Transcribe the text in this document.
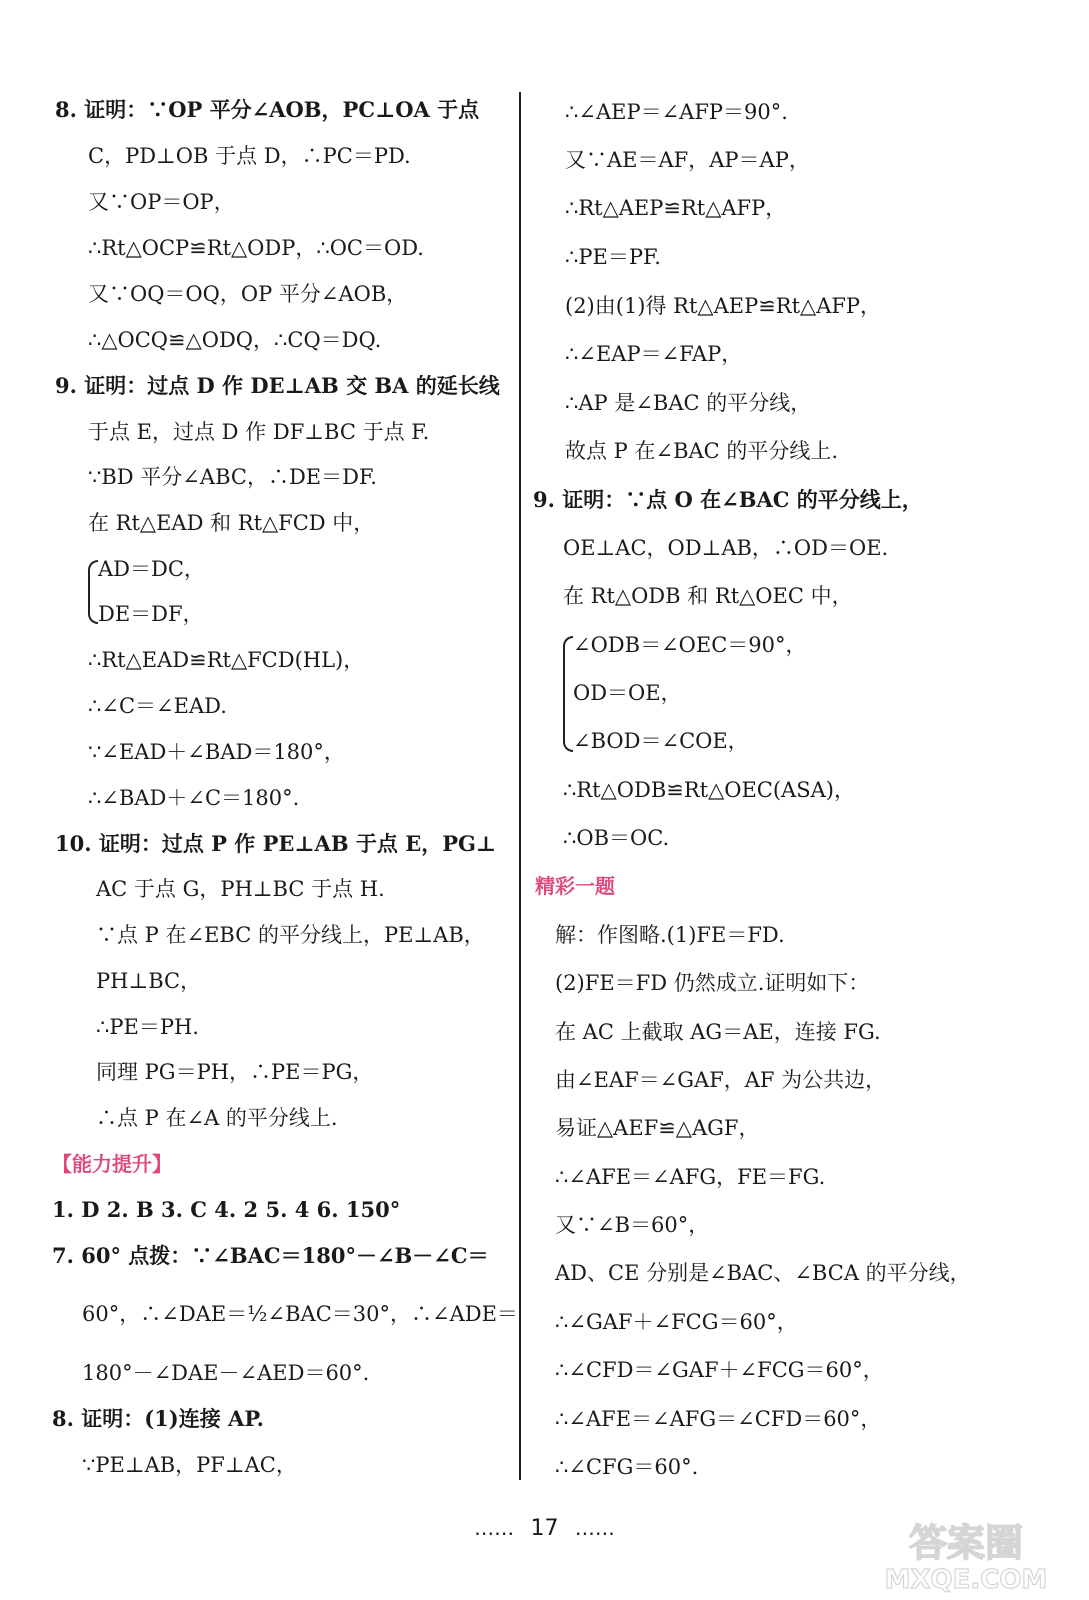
8. 证明：∵OP 平分∠AOB，PC⊥OA 于点
C，PD⊥OB 于点 D，∴PC＝PD.
又∵OP＝OP，
∴Rt△OCP≌Rt△ODP，∴OC＝OD.
又∵OQ＝OQ，OP 平分∠AOB，
∴△OCQ≌△ODQ，∴CQ＝DQ.
9. 证明：过点 D 作 DE⊥AB 交 BA 的延长线
于点 E，过点 D 作 DF⊥BC 于点 F.
∵BD 平分∠ABC，∴DE＝DF.
在 Rt△EAD 和 Rt△FCD 中，
AD＝DC，
DE＝DF，
∴Rt△EAD≌Rt△FCD(HL)，
∴∠C＝∠EAD.
∵∠EAD＋∠BAD＝180°，
∴∠BAD＋∠C＝180°.
10. 证明：过点 P 作 PE⊥AB 于点 E，PG⊥
AC 于点 G，PH⊥BC 于点 H.
∵点 P 在∠EBC 的平分线上，PE⊥AB，
PH⊥BC，
∴PE＝PH.
同理 PG＝PH，∴PE＝PG，
∴点 P 在∠A 的平分线上.
【能力提升】
1. D 2. B 3. C 4. 2 5. 4 6. 150°
7. 60° 点拨：∵∠BAC＝180°－∠B－∠C＝
60°，∴∠DAE＝½∠BAC＝30°，∴∠ADE＝
180°－∠DAE－∠AED＝60°.
8. 证明：(1)连接 AP.
∵PE⊥AB，PF⊥AC，
∴∠AEP＝∠AFP＝90°.
又∵AE＝AF，AP＝AP，
∴Rt△AEP≌Rt△AFP，
∴PE＝PF.
(2)由(1)得 Rt△AEP≌Rt△AFP，
∴∠EAP＝∠FAP，
∴AP 是∠BAC 的平分线，
故点 P 在∠BAC 的平分线上.
9. 证明：∵点 O 在∠BAC 的平分线上，
OE⊥AC，OD⊥AB，∴OD＝OE.
在 Rt△ODB 和 Rt△OEC 中，
∠ODB＝∠OEC＝90°，
OD＝OE，
∠BOD＝∠COE，
∴Rt△ODB≌Rt△OEC(ASA)，
∴OB＝OC.
精彩一题
解：作图略.(1)FE＝FD.
(2)FE＝FD 仍然成立.证明如下：
在 AC 上截取 AG＝AE，连接 FG.
由∠EAF＝∠GAF，AF 为公共边，
易证△AEF≌△AGF，
∴∠AFE＝∠AFG，FE＝FG.
又∵∠B＝60°，
AD、CE 分别是∠BAC、∠BCA 的平分线，
∴∠GAF＋∠FCG＝60°，
∴∠CFD＝∠GAF＋∠FCG＝60°，
∴∠AFE＝∠AFG＝∠CFD＝60°，
∴∠CFG＝60°.
…… 17 ……	答案圈
MXQE.COM
